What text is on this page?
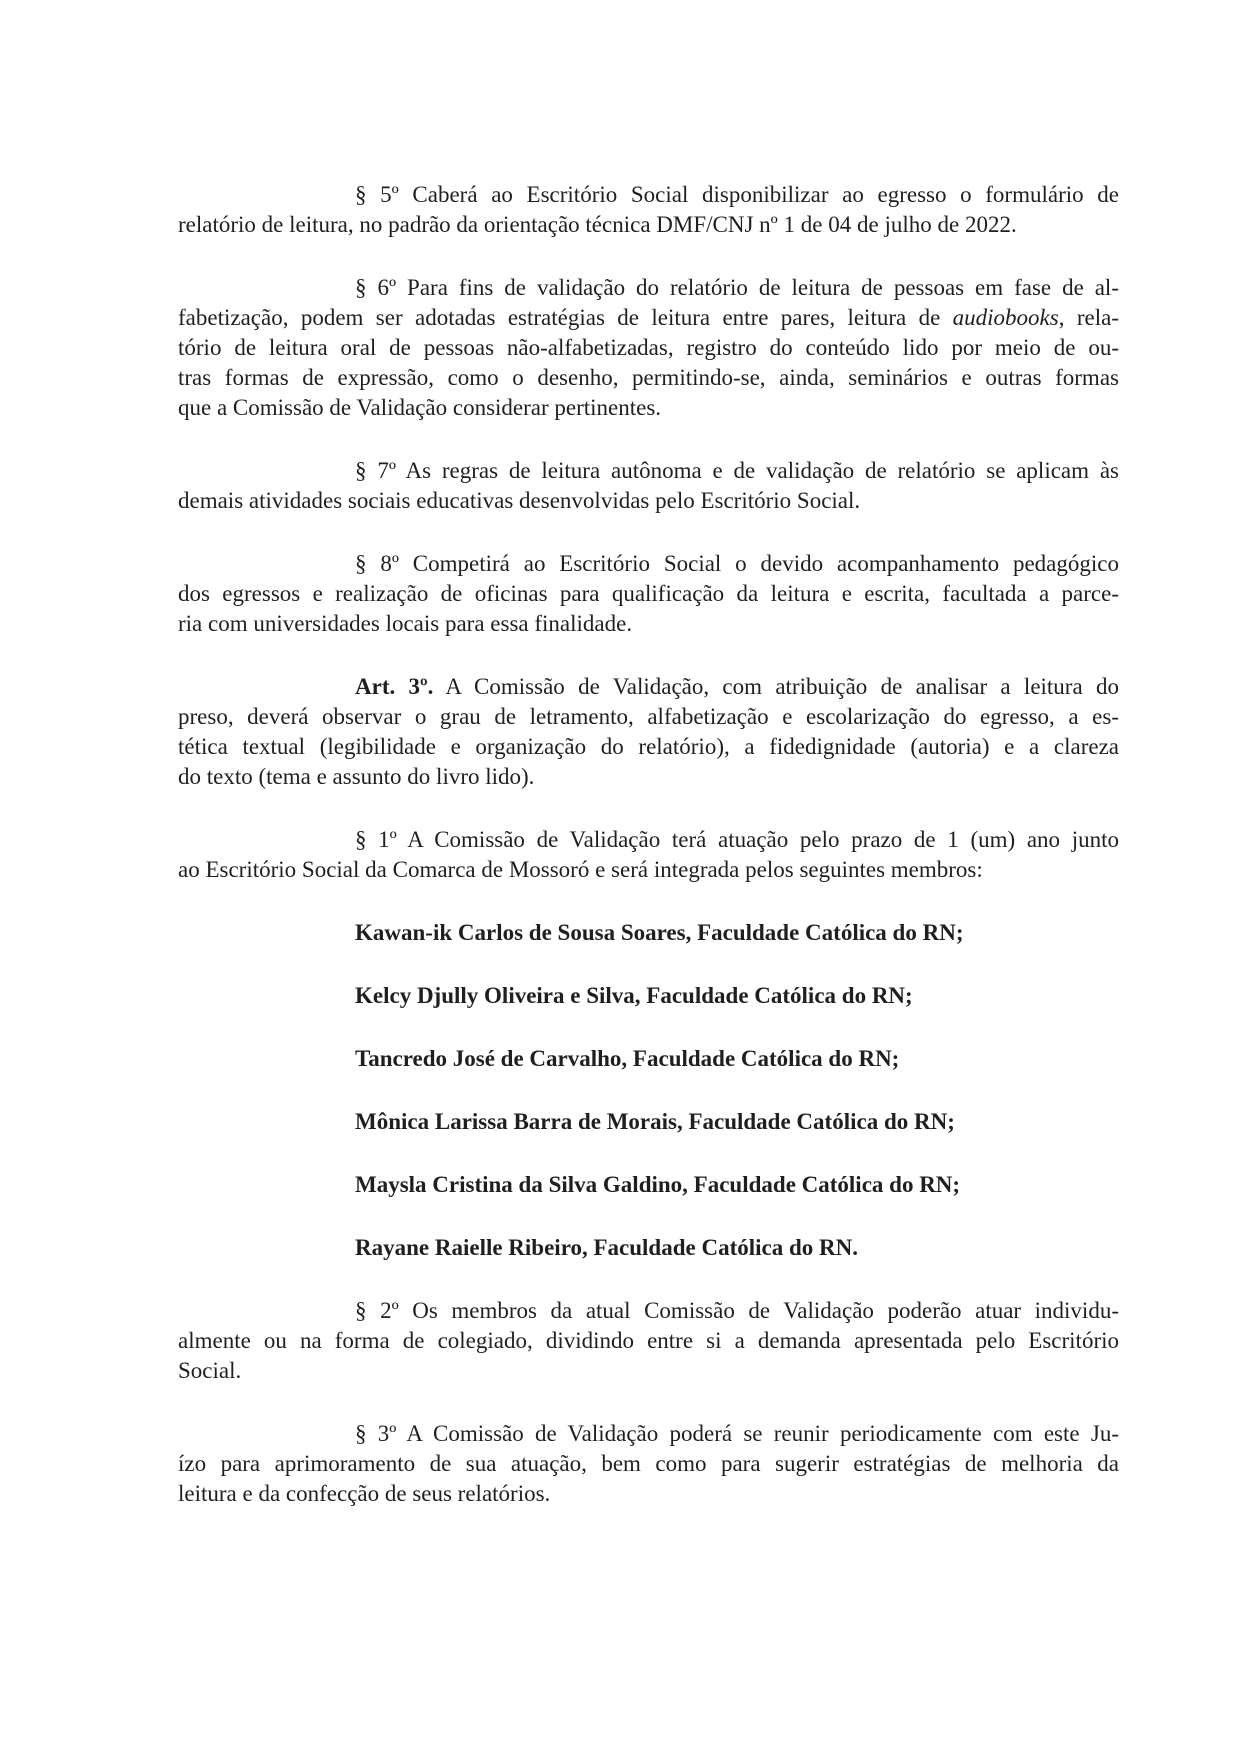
§ 5º Caberá ao Escritório Social disponibilizar ao egresso o formulário de
relatório de leitura, no padrão da orientação técnica DMF/CNJ nº 1 de 04 de julho de 2022.
§ 6º Para fins de validação do relatório de leitura de pessoas em fase de al-
fabetização, podem ser adotadas estratégias de leitura entre pares, leitura de audiobooks, rela-
tório de leitura oral de pessoas não-alfabetizadas, registro do conteúdo lido por meio de ou-
tras formas de expressão, como o desenho, permitindo-se, ainda, seminários e outras formas
que a Comissão de Validação considerar pertinentes.
§ 7º As regras de leitura autônoma e de validação de relatório se aplicam às
demais atividades sociais educativas desenvolvidas pelo Escritório Social.
§ 8º Competirá ao Escritório Social o devido acompanhamento pedagógico
dos egressos e realização de oficinas para qualificação da leitura e escrita, facultada a parce-
ria com universidades locais para essa finalidade.
Art. 3º. A Comissão de Validação, com atribuição de analisar a leitura do
preso, deverá observar o grau de letramento, alfabetização e escolarização do egresso, a es-
tética textual (legibilidade e organização do relatório), a fidedignidade (autoria) e a clareza
do texto (tema e assunto do livro lido).
§ 1º A Comissão de Validação terá atuação pelo prazo de 1 (um) ano junto
ao Escritório Social da Comarca de Mossoró e será integrada pelos seguintes membros:
Kawan-ik Carlos de Sousa Soares, Faculdade Católica do RN;
Kelcy Djully Oliveira e Silva, Faculdade Católica do RN;
Tancredo José de Carvalho, Faculdade Católica do RN;
Mônica Larissa Barra de Morais, Faculdade Católica do RN;
Maysla Cristina da Silva Galdino, Faculdade Católica do RN;
Rayane Raielle Ribeiro, Faculdade Católica do RN.
§ 2º Os membros da atual Comissão de Validação poderão atuar individu-
almente ou na forma de colegiado, dividindo entre si a demanda apresentada pelo Escritório
Social.
§ 3º A Comissão de Validação poderá se reunir periodicamente com este Ju-
ízo para aprimoramento de sua atuação, bem como para sugerir estratégias de melhoria da
leitura e da confecção de seus relatórios.
